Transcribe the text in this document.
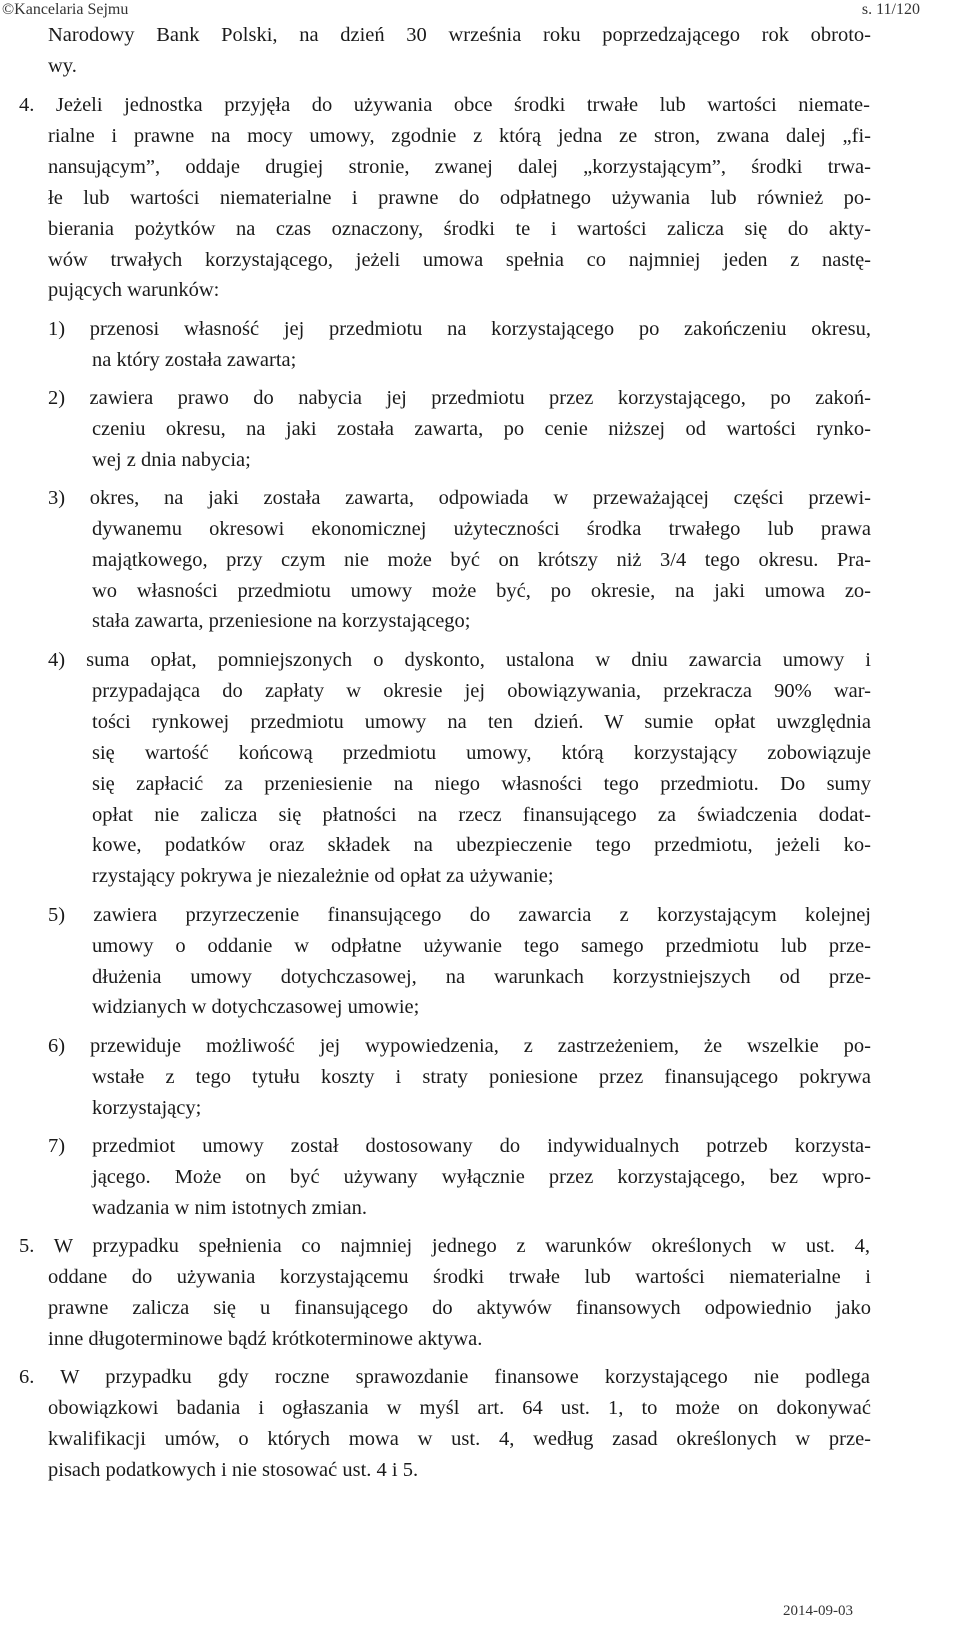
©Kancelaria Sejmu	s. 11/120
Narodowy Bank Polski, na dzień 30 września roku poprzedzającego rok obroto-
wy.
4. Jeżeli jednostka przyjęła do używania obce środki trwałe lub wartości niemate-
rialne i prawne na mocy umowy, zgodnie z którą jedna ze stron, zwana dalej „fi-
nansującym”, oddaje drugiej stronie, zwanej dalej „korzystającym”, środki trwa-
łe lub wartości niematerialne i prawne do odpłatnego używania lub również po-
bierania pożytków na czas oznaczony, środki te i wartości zalicza się do akty-
wów trwałych korzystającego, jeżeli umowa spełnia co najmniej jeden z nastę-
pujących warunków:
1) przenosi własność jej przedmiotu na korzystającego po zakończeniu okresu,
na który została zawarta;
2) zawiera prawo do nabycia jej przedmiotu przez korzystającego, po zakoń-
czeniu okresu, na jaki została zawarta, po cenie niższej od wartości rynko-
wej z dnia nabycia;
3) okres, na jaki została zawarta, odpowiada w przeważającej części przewi-
dywanemu okresowi ekonomicznej użyteczności środka trwałego lub prawa
majątkowego, przy czym nie może być on krótszy niż 3/4 tego okresu. Pra-
wo własności przedmiotu umowy może być, po okresie, na jaki umowa zo-
stała zawarta, przeniesione na korzystającego;
4) suma opłat, pomniejszonych o dyskonto, ustalona w dniu zawarcia umowy i
przypadająca do zapłaty w okresie jej obowiązywania, przekracza 90% war-
tości rynkowej przedmiotu umowy na ten dzień. W sumie opłat uwzględnia
się wartość końcową przedmiotu umowy, którą korzystający zobowiązuje
się zapłacić za przeniesienie na niego własności tego przedmiotu. Do sumy
opłat nie zalicza się płatności na rzecz finansującego za świadczenia dodat-
kowe, podatków oraz składek na ubezpieczenie tego przedmiotu, jeżeli ko-
rzystający pokrywa je niezależnie od opłat za używanie;
5) zawiera przyrzeczenie finansującego do zawarcia z korzystającym kolejnej
umowy o oddanie w odpłatne używanie tego samego przedmiotu lub prze-
dłużenia umowy dotychczasowej, na warunkach korzystniejszych od prze-
widzianych w dotychczasowej umowie;
6) przewiduje możliwość jej wypowiedzenia, z zastrzeżeniem, że wszelkie po-
wstałe z tego tytułu koszty i straty poniesione przez finansującego pokrywa
korzystający;
7) przedmiot umowy został dostosowany do indywidualnych potrzeb korzysta-
jącego. Może on być używany wyłącznie przez korzystającego, bez wpro-
wadzania w nim istotnych zmian.
5. W przypadku spełnienia co najmniej jednego z warunków określonych w ust. 4,
oddane do używania korzystającemu środki trwałe lub wartości niematerialne i
prawne zalicza się u finansującego do aktywów finansowych odpowiednio jako
inne długoterminowe bądź krótkoterminowe aktywa.
6. W przypadku gdy roczne sprawozdanie finansowe korzystającego nie podlega
obowiązkowi badania i ogłaszania w myśl art. 64 ust. 1, to może on dokonywać
kwalifikacji umów, o których mowa w ust. 4, według zasad określonych w prze-
pisach podatkowych i nie stosować ust. 4 i 5.
2014-09-03
